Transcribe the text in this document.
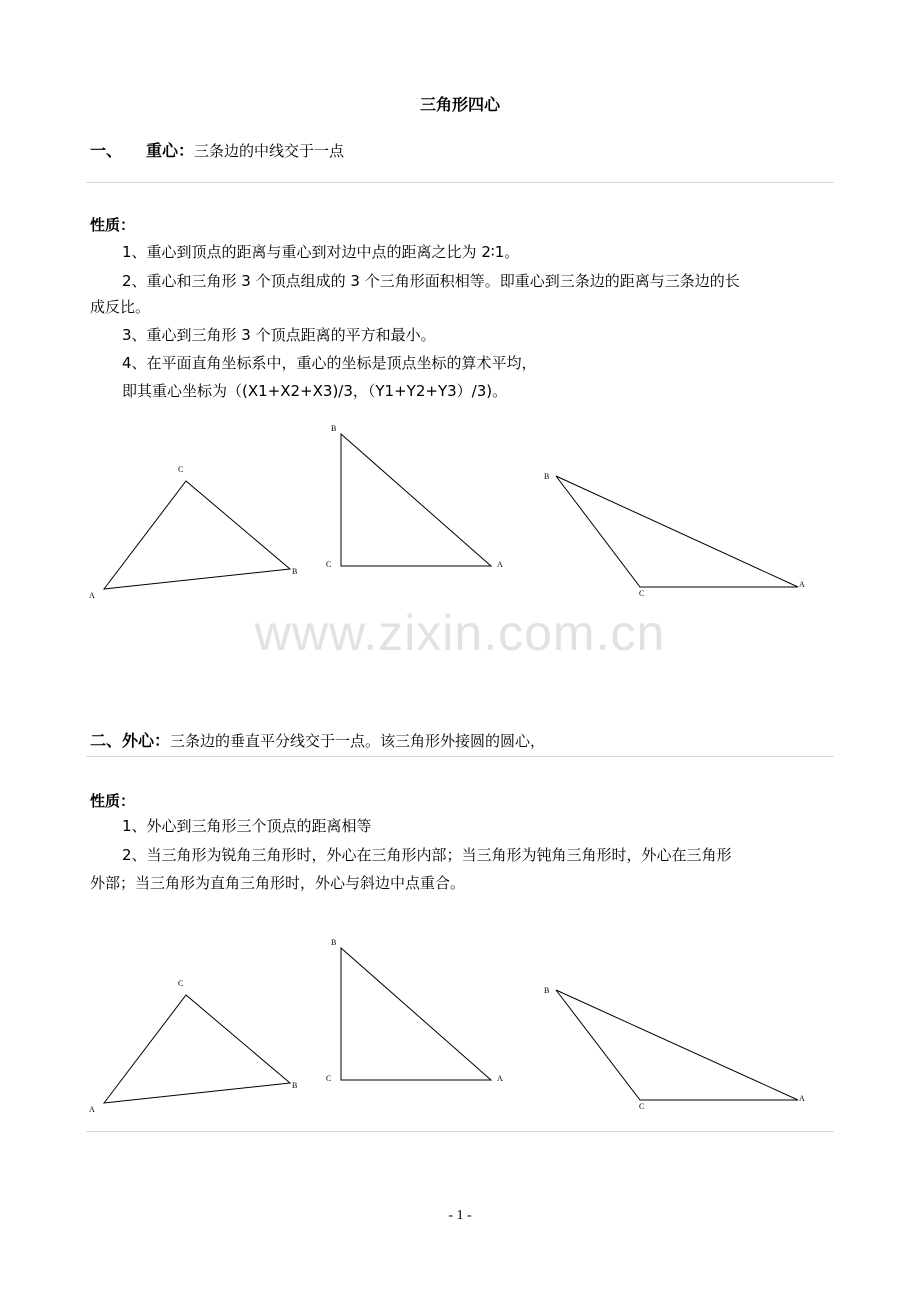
三角形四心
一、 重心：三条边的中线交于一点
性质：
1、重心到顶点的距离与重心到对边中点的距离之比为 2∶1。
2、重心和三角形 3 个顶点组成的 3 个三角形面积相等。即重心到三条边的距离与三条边的长
成反比。
3、重心到三角形 3 个顶点距离的平方和最小。
4、在平面直角坐标系中，重心的坐标是顶点坐标的算术平均，
即其重心坐标为（(X1+X2+X3)/3，（Y1+Y2+Y3）/3)。
www.zixin.com.cn
二、外心：三条边的垂直平分线交于一点。该三角形外接圆的圆心，
性质：
1、外心到三角形三个顶点的距离相等
2、当三角形为锐角三角形时，外心在三角形内部；当三角形为钝角三角形时，外心在三角形
外部；当三角形为直角三角形时，外心与斜边中点重合。
A
C
B
B
C	A
B
C
A
A
C
B
B
C	A
B
C
A
- 1 -
